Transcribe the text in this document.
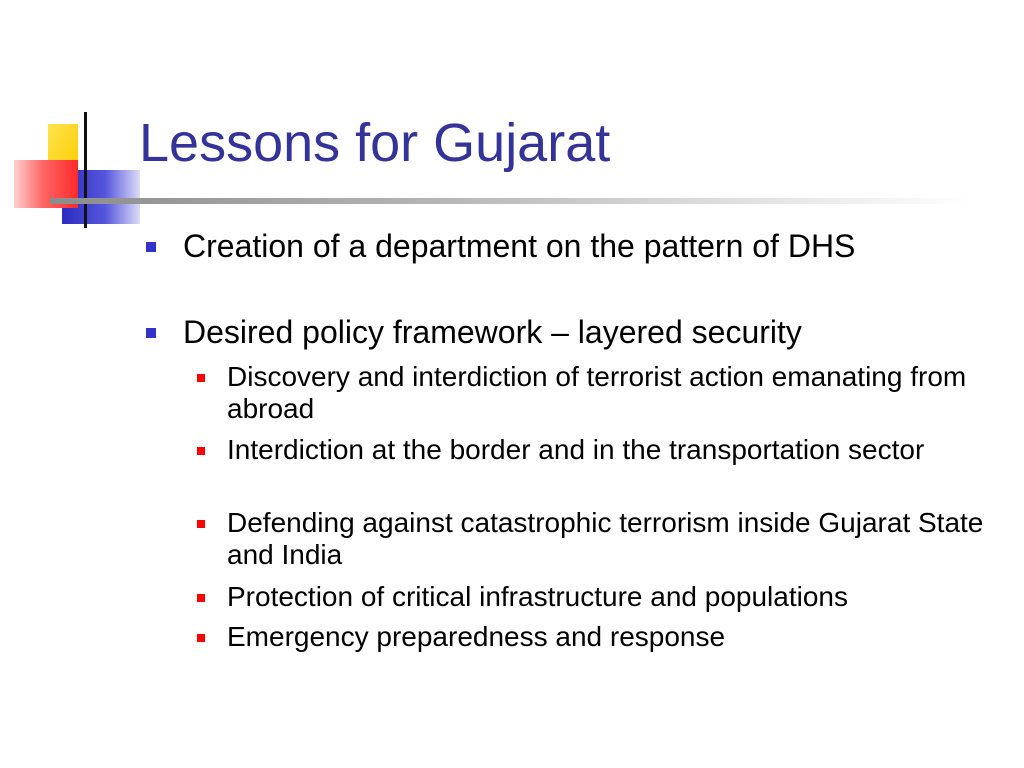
Lessons for Gujarat
Creation of a department on the pattern of DHS
Desired policy framework – layered security
Discovery and interdiction of terrorist action emanating from abroad
Interdiction at the border and in the transportation sector
Defending against catastrophic terrorism inside Gujarat State and India
Protection of critical infrastructure and populations
Emergency preparedness and response
